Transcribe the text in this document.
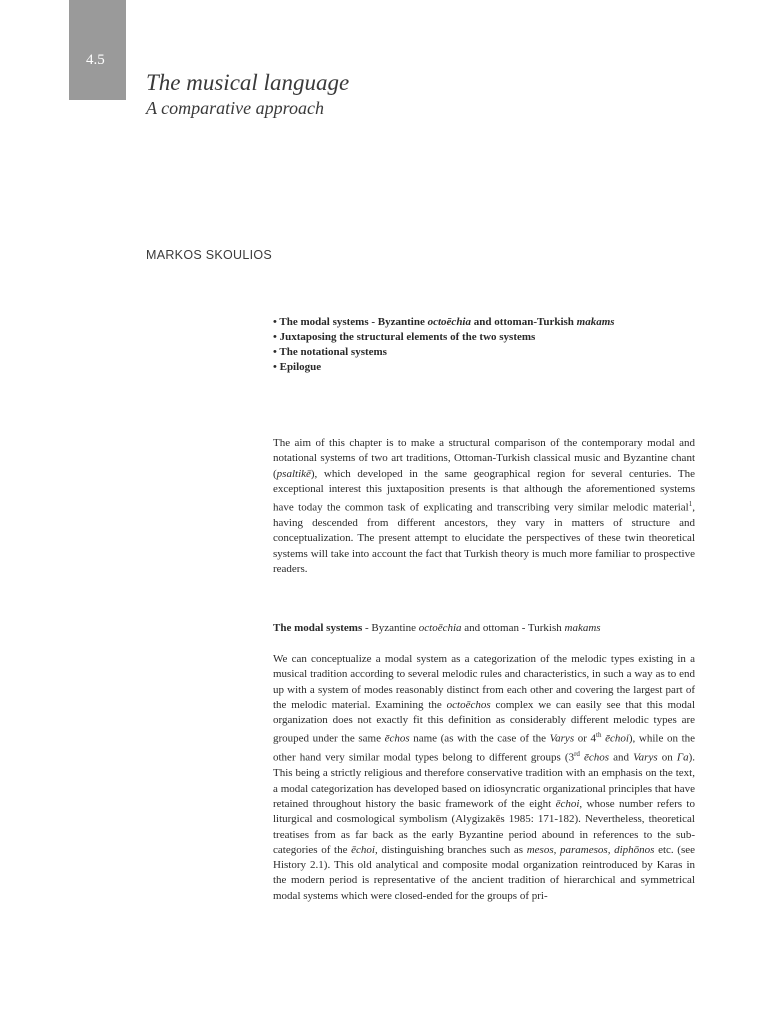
4.5
The musical language
A comparative approach
MARKOS SKOULIOS
• The modal systems - Byzantine octoēchia and ottoman-Turkish makams
• Juxtaposing the structural elements of the two systems
• The notational systems
• Epilogue
The aim of this chapter is to make a structural comparison of the contemporary modal and notational systems of two art traditions, Ottoman-Turkish classical music and Byzantine chant (psaltikē), which developed in the same geographical region for several centuries. The exceptional interest this juxtaposition presents is that although the aforementioned systems have today the common task of explicating and transcribing very similar melodic material$^1$, having descended from different ancestors, they vary in matters of structure and conceptualization. The present attempt to elucidate the perspectives of these twin theoretical systems will take into account the fact that Turkish theory is much more familiar to prospective readers.
The modal systems - Byzantine octoēchia and ottoman - Turkish makams
We can conceptualize a modal system as a categorization of the melodic types existing in a musical tradition according to several melodic rules and characteristics, in such a way as to end up with a system of modes reasonably distinct from each other and covering the largest part of the melodic material. Examining the octoēchos complex we can easily see that this modal organization does not exactly fit this definition as considerably different melodic types are grouped under the same ēchos name (as with the case of the Varys or 4th ēchoi), while on the other hand very similar modal types belong to different groups (3rd ēchos and Varys on Γa). This being a strictly religious and therefore conservative tradition with an emphasis on the text, a modal categorization has developed based on idiosyncratic organizational principles that have retained throughout history the basic framework of the eight ēchoi, whose number refers to liturgical and cosmological symbolism (Alygizakēs 1985: 171-182). Nevertheless, theoretical treatises from as far back as the early Byzantine period abound in references to the sub-categories of the ēchoi, distinguishing branches such as mesos, paramesos, diphōnos etc. (see History 2.1). This old analytical and composite modal organization reintroduced by Karas in the modern period is representative of the ancient tradition of hierarchical and symmetrical modal systems which were closed-ended for the groups of pri-
